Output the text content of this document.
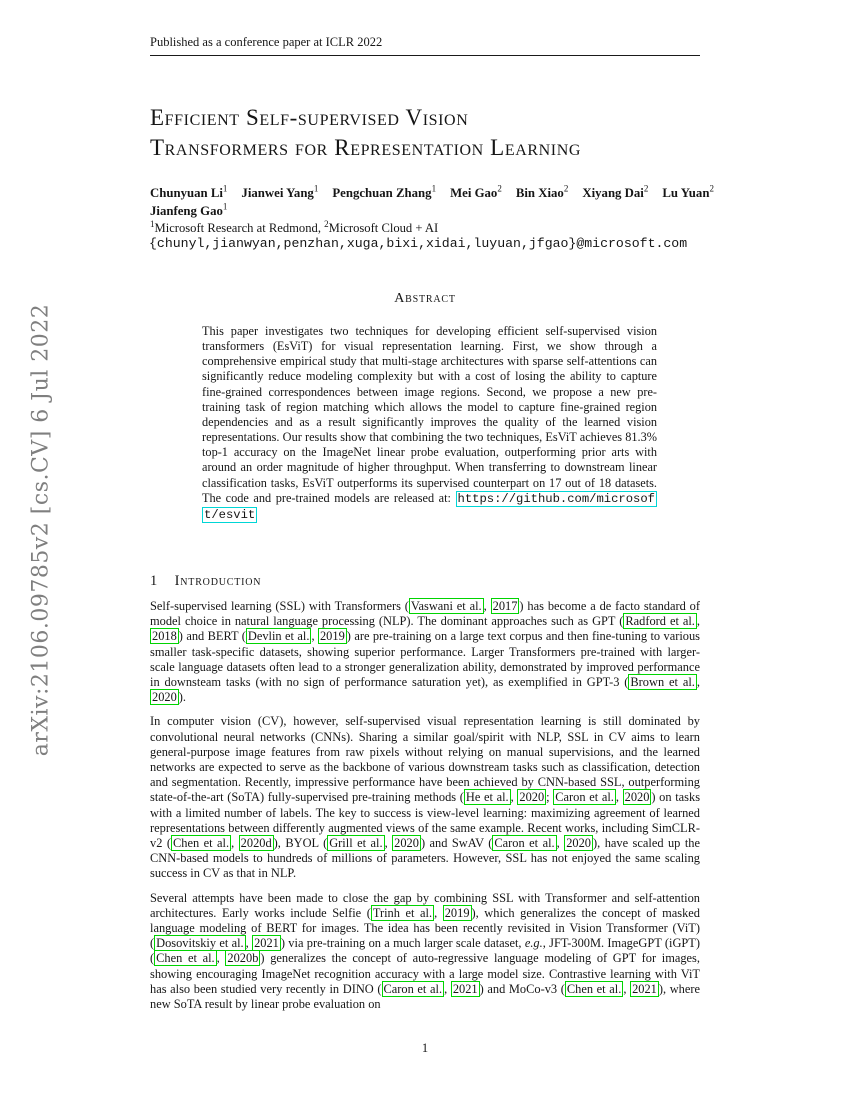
Published as a conference paper at ICLR 2022
arXiv:2106.09785v2 [cs.CV] 6 Jul 2022
Efficient Self-supervised Vision
Transformers for Representation Learning
Chunyuan Li$^1$ Jianwei Yang$^1$ Pengchuan Zhang$^1$ Mei Gao$^2$ Bin Xiao$^2$ Xiyang Dai$^2$ Lu Yuan$^2$
Jianfeng Gao$^1$
$^1$Microsoft Research at Redmond, $^2$Microsoft Cloud + AI
{chunyl,jianwyan,penzhan,xuga,bixi,xidai,luyuan,jfgao}@microsoft.com
Abstract
This paper investigates two techniques for developing efficient self-supervised vision transformers (EsViT) for visual representation learning. First, we show through a comprehensive empirical study that multi-stage architectures with sparse self-attentions can significantly reduce modeling complexity but with a cost of losing the ability to capture fine-grained correspondences between image regions. Second, we propose a new pre-training task of region matching which allows the model to capture fine-grained region dependencies and as a result significantly improves the quality of the learned vision representations. Our results show that combining the two techniques, EsViT achieves 81.3% top-1 accuracy on the ImageNet linear probe evaluation, outperforming prior arts with around an order magnitude of higher throughput. When transferring to downstream linear classification tasks, EsViT outperforms its supervised counterpart on 17 out of 18 datasets. The code and pre-trained models are released at: https://github.com/microsoft/esvit
1 Introduction

Self-supervised learning (SSL) with Transformers ( Vaswani et al. , 2017 ) has become a de facto standard of model choice in natural language processing (NLP). The dominant approaches such as GPT ( Radford et al. , 2018 ) and BERT ( Devlin et al. , 2019 ) are pre-training on a large text corpus and then fine-tuning to various smaller task-specific datasets, showing superior performance. Larger Transformers pre-trained with larger-scale language datasets often lead to a stronger generalization ability, demonstrated by improved performance in downsteam tasks (with no sign of performance saturation yet), as exemplified in GPT-3 ( Brown et al. , 2020 ).

In computer vision (CV), however, self-supervised visual representation learning is still dominated by convolutional neural networks (CNNs). Sharing a similar goal/spirit with NLP, SSL in CV aims to learn general-purpose image features from raw pixels without relying on manual supervisions, and the learned networks are expected to serve as the backbone of various downstream tasks such as classification, detection and segmentation. Recently, impressive performance have been achieved by CNN-based SSL, outperforming state-of-the-art (SoTA) fully-supervised pre-training methods ( He et al. , 2020 ; Caron et al. , 2020 ) on tasks with a limited number of labels. The key to success is view-level learning: maximizing agreement of learned representations between differently augmented views of the same example. Recent works, including SimCLR-v2 ( Chen et al. , 2020d ), BYOL ( Grill et al. , 2020 ) and SwAV ( Caron et al. , 2020 ), have scaled up the CNN-based models to hundreds of millions of parameters. However, SSL has not enjoyed the same scaling success in CV as that in NLP.

Several attempts have been made to close the gap by combining SSL with Transformer and self-attention architectures. Early works include Selfie ( Trinh et al. , 2019 ), which generalizes the concept of masked language modeling of BERT for images. The idea has been recently revisited in Vision Transformer (ViT) ( Dosovitskiy et al. , 2021 ) via pre-training on a much larger scale dataset, e.g., JFT-300M. ImageGPT (iGPT) ( Chen et al. , 2020b ) generalizes the concept of auto-regressive language modeling of GPT for images, showing encouraging ImageNet recognition accuracy with a large model size. Contrastive learning with ViT has also been studied very recently in DINO ( Caron et al. , 2021 ) and MoCo-v3 ( Chen et al. , 2021 ), where new SoTA result by linear probe evaluation on

1
